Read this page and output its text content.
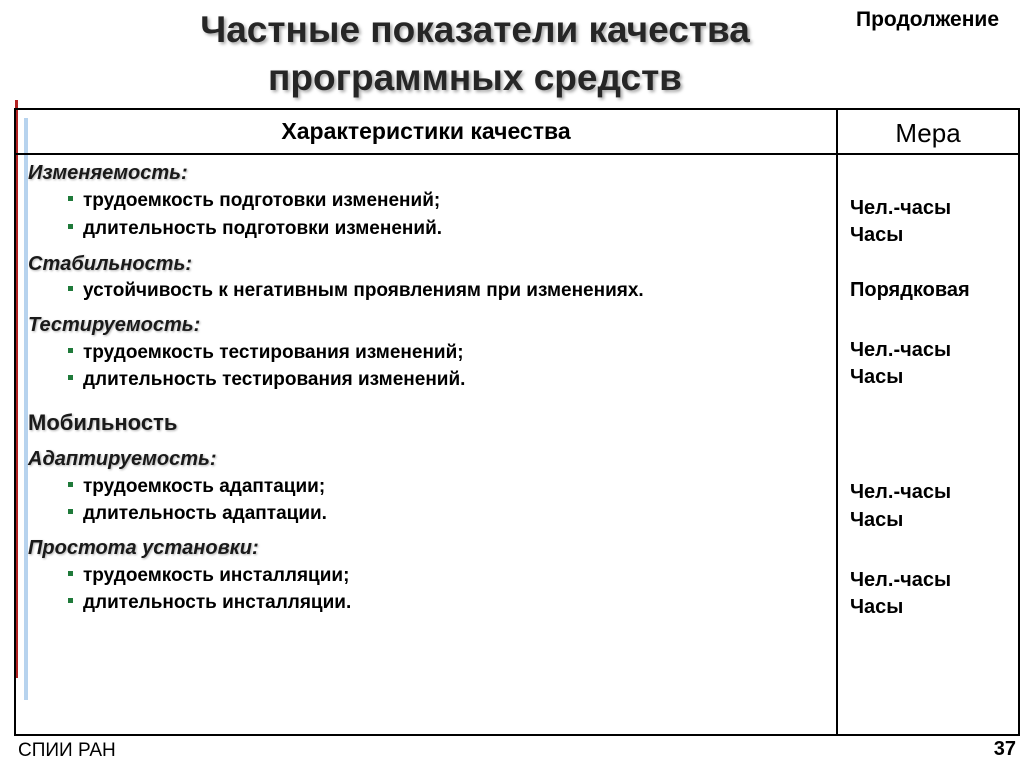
Частные показатели качества
программных средств
Продолжение
Характеристики качества	Мера
Изменяемость:
трудоемкость подготовки изменений;
длительность подготовки изменений.
Стабильность:
устойчивость к негативным проявлениям при изменениях.
Тестируемость:
трудоемкость тестирования изменений;
длительность тестирования изменений.
Мобильность
Адаптируемость:
трудоемкость адаптации;
длительность адаптации.
Простота установки:
трудоемкость инсталляции;
длительность инсталляции.
Чел.-часы
Часы
Порядковая
Чел.-часы
Часы
Чел.-часы
Часы
Чел.-часы
Часы
СПИИ РАН	37
